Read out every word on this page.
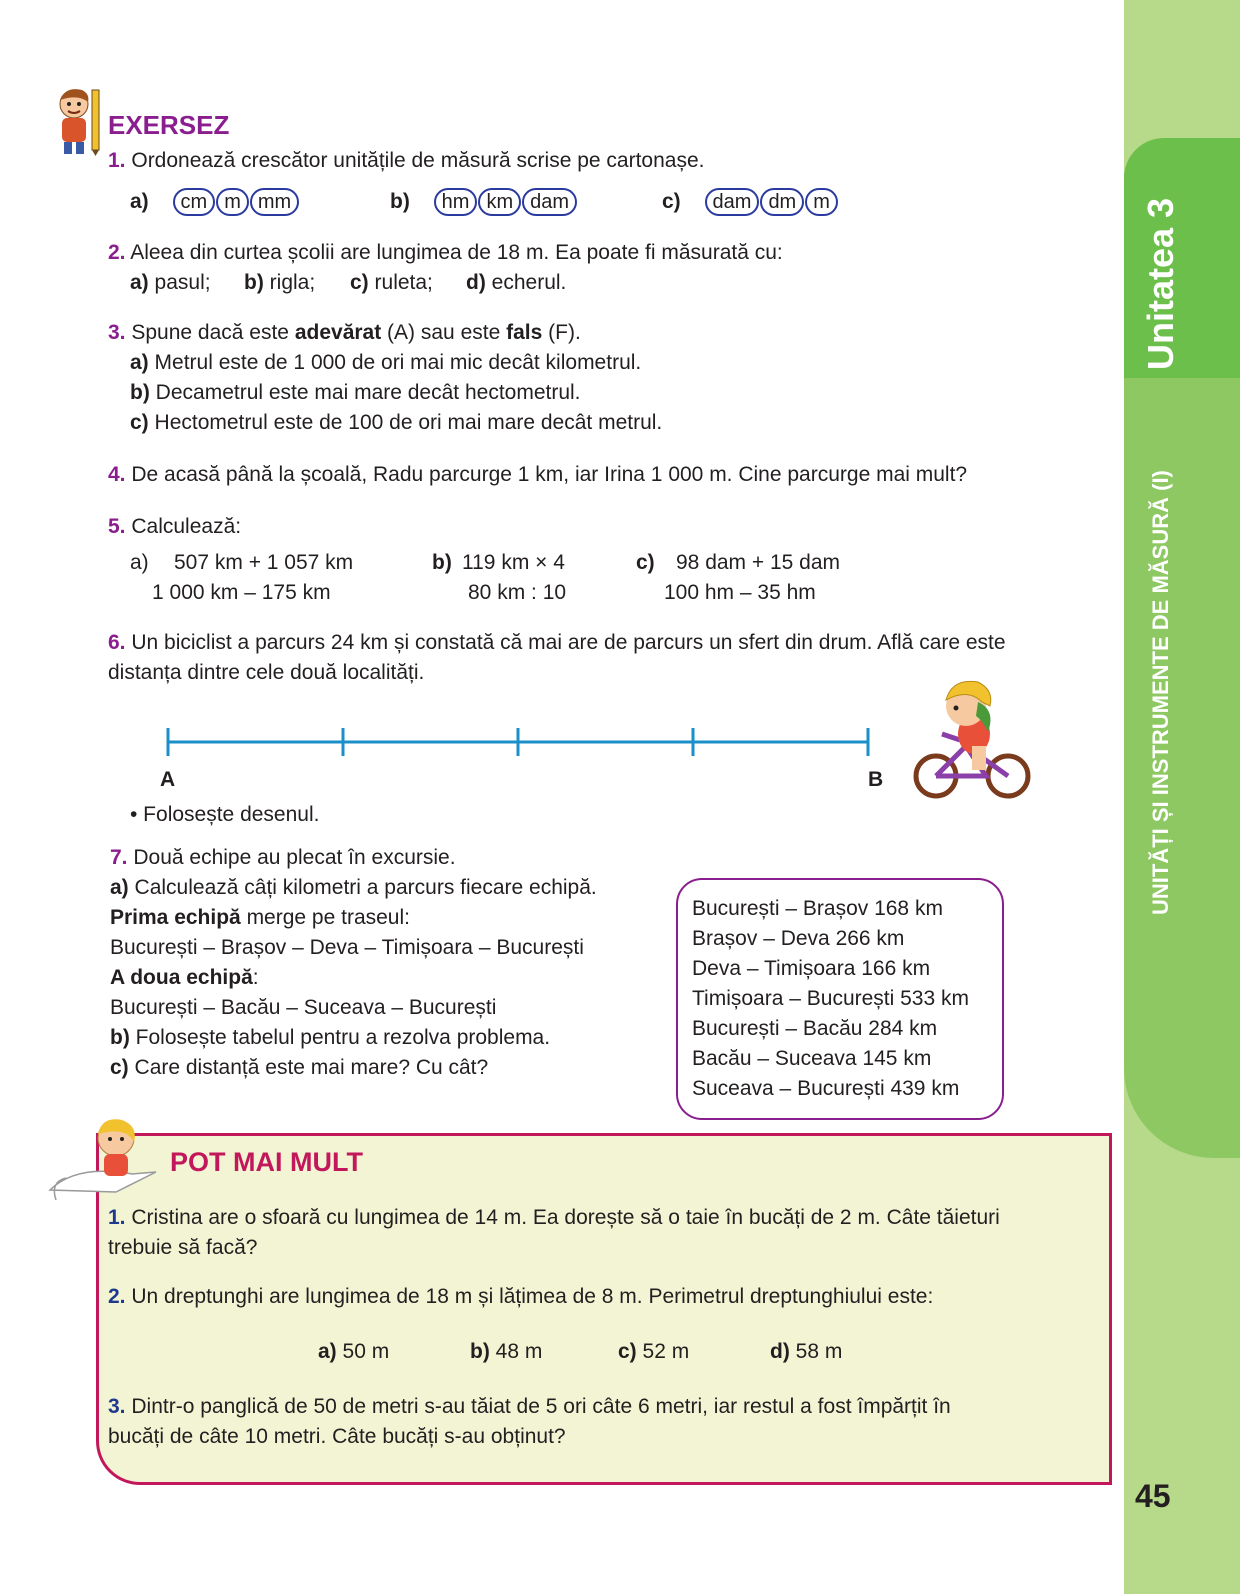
Unitatea 3
UNITĂȚI ȘI INSTRUMENTE DE MĂSURĂ (I)
45
EXERSEZ
1. Ordonează crescător unitățile de măsură scrise pe cartonașe.
a) cm m mm	b) hm km dam	c) dam dm m
2. Aleea din curtea școlii are lungimea de 18 m. Ea poate fi măsurată cu:
a) pasul; b) rigla; c) ruleta; d) echerul.
3. Spune dacă este adevărat (A) sau este fals (F).
a) Metrul este de 1 000 de ori mai mic decât kilometrul.
b) Decametrul este mai mare decât hectometrul.
c) Hectometrul este de 100 de ori mai mare decât metrul.
4. De acasă până la școală, Radu parcurge 1 km, iar Irina 1 000 m. Cine parcurge mai mult?
5. Calculează:
a) 507 km + 1 057 km
1 000 km – 175 km
b) 119 km × 4
80 km : 10
c) 98 dam + 15 dam
100 hm – 35 hm
6. Un biciclist a parcurs 24 km și constată că mai are de parcurs un sfert din drum. Află care este
distanța dintre cele două localități.
A	B
• Folosește desenul.
7. Două echipe au plecat în excursie.
a) Calculează câți kilometri a parcurs fiecare echipă.
Prima echipă merge pe traseul:
București – Brașov – Deva – Timișoara – București
A doua echipă:
București – Bacău – Suceava – București
b) Folosește tabelul pentru a rezolva problema.
c) Care distanță este mai mare? Cu cât?
București – Brașov 168 km
Brașov – Deva 266 km
Deva – Timișoara 166 km
Timișoara – București 533 km
București – Bacău 284 km
Bacău – Suceava 145 km
Suceava – București 439 km
POT MAI MULT
1. Cristina are o sfoară cu lungimea de 14 m. Ea dorește să o taie în bucăți de 2 m. Câte tăieturi
trebuie să facă?
2. Un dreptunghi are lungimea de 18 m și lățimea de 8 m. Perimetrul dreptunghiului este:
a) 50 m	b) 48 m	c) 52 m	d) 58 m
3. Dintr-o panglică de 50 de metri s-au tăiat de 5 ori câte 6 metri, iar restul a fost împărțit în
bucăți de câte 10 metri. Câte bucăți s-au obținut?
